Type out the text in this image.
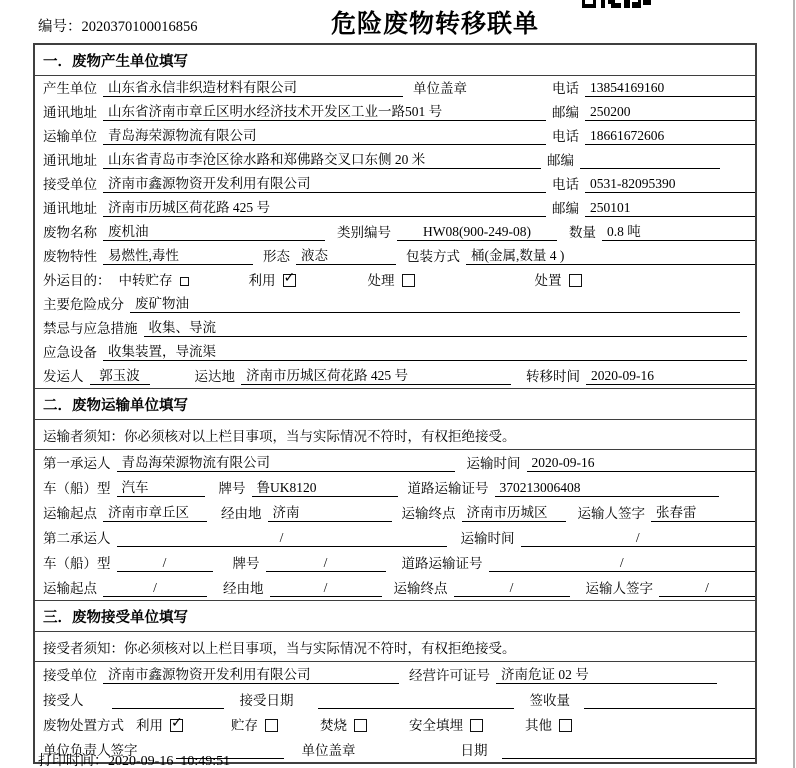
编号：2020370100016856	危险废物转移联单
一．废物产生单位填写
产生单位 山东省永信非织造材料有限公司	单位盖章	电话 13854169160
通讯地址 山东省济南市章丘区明水经济技术开发区工业一路501 号	邮编 250200
运输单位 青岛海荣源物流有限公司	电话 18661672606
通讯地址 山东省青岛市李沧区徐水路和郑佛路交叉口东侧 20 米	邮编
接受单位 济南市鑫源物资开发利用有限公司	电话 0531-82095390
通讯地址 济南市历城区荷花路 425 号	邮编 250101
废物名称 废机油	类别编号	HW08(900-249-08)	数量 0.8 吨
废物特性 易燃性,毒性	形态 液态	包装方式 桶(金属,数量 4 )
外运目的： 中转贮存	利用 ✓	处理	处置
主要危险成分 废矿物油
禁忌与应急措施 收集、导流
应急设备 收集装置，导流渠
发运人	郭玉波	运达地 济南市历城区荷花路 425 号	转移时间 2020-09-16
二．废物运输单位填写
运输者须知：你必须核对以上栏目事项，当与实际情况不符时，有权拒绝接受。
第一承运人 青岛海荣源物流有限公司	运输时间 2020-09-16
车（船）型 汽车	牌号 鲁UK8120	道路运输证号 370213006408
运输起点 济南市章丘区	经由地 济南	运输终点 济南市历城区	运输人签字 张春雷
第二承运人	/	运输时间	/
车（船）型	/	牌号	/	道路运输证号	/
运输起点	/	经由地	/	运输终点	/	运输人签字	/
三．废物接受单位填写
接受者须知：你必须核对以上栏目事项，当与实际情况不符时，有权拒绝接受。
接受单位 济南市鑫源物资开发利用有限公司	经营许可证号 济南危证 02 号
接受人	接受日期	签收量
废物处置方式 利用 ✓	贮存	焚烧	安全填埋	其他
单位负责人签字	单位盖章	日期
打印时间：2020-09-16  10:49:51
